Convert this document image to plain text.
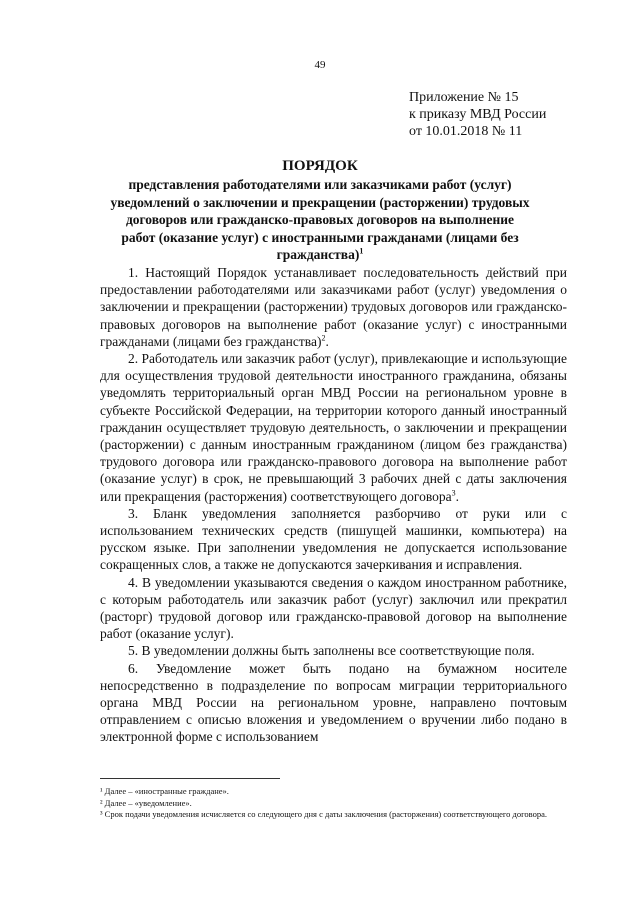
49
Приложение № 15
к приказу МВД России
от 10.01.2018 № 11
ПОРЯДОК
представления работодателями или заказчиками работ (услуг) уведомлений о заключении и прекращении (расторжении) трудовых договоров или гражданско-правовых договоров на выполнение работ (оказание услуг) с иностранными гражданами (лицами без гражданства)$^1$

1. Настоящий Порядок устанавливает последовательность действий при предоставлении работодателями или заказчиками работ (услуг) уведомления о заключении и прекращении (расторжении) трудовых договоров или гражданско-правовых договоров на выполнение работ (оказание услуг) с иностранными гражданами (лицами без гражданства)$^2$.

2. Работодатель или заказчик работ (услуг), привлекающие и использующие для осуществления трудовой деятельности иностранного гражданина, обязаны уведомлять территориальный орган МВД России на региональном уровне в субъекте Российской Федерации, на территории которого данный иностранный гражданин осуществляет трудовую деятельность, о заключении и прекращении (расторжении) с данным иностранным гражданином (лицом без гражданства) трудового договора или гражданско-правового договора на выполнение работ (оказание услуг) в срок, не превышающий 3 рабочих дней с даты заключения или прекращения (расторжения) соответствующего договора$^3$.

3. Бланк уведомления заполняется разборчиво от руки или с использованием технических средств (пишущей машинки, компьютера) на русском языке. При заполнении уведомления не допускается использование сокращенных слов, а также не допускаются зачеркивания и исправления.

4. В уведомлении указываются сведения о каждом иностранном работнике, с которым работодатель или заказчик работ (услуг) заключил или прекратил (расторг) трудовой договор или гражданско-правовой договор на выполнение работ (оказание услуг).

5. В уведомлении должны быть заполнены все соответствующие поля.

6. Уведомление может быть подано на бумажном носителе непосредственно в подразделение по вопросам миграции территориального органа МВД России на региональном уровне, направлено почтовым отправлением с описью вложения и уведомлением о вручении либо подано в электронной форме с использованием

¹ Далее – «иностранные граждане».
² Далее – «уведомление».
³ Срок подачи уведомления исчисляется со следующего дня с даты заключения (расторжения) соответствующего договора.
